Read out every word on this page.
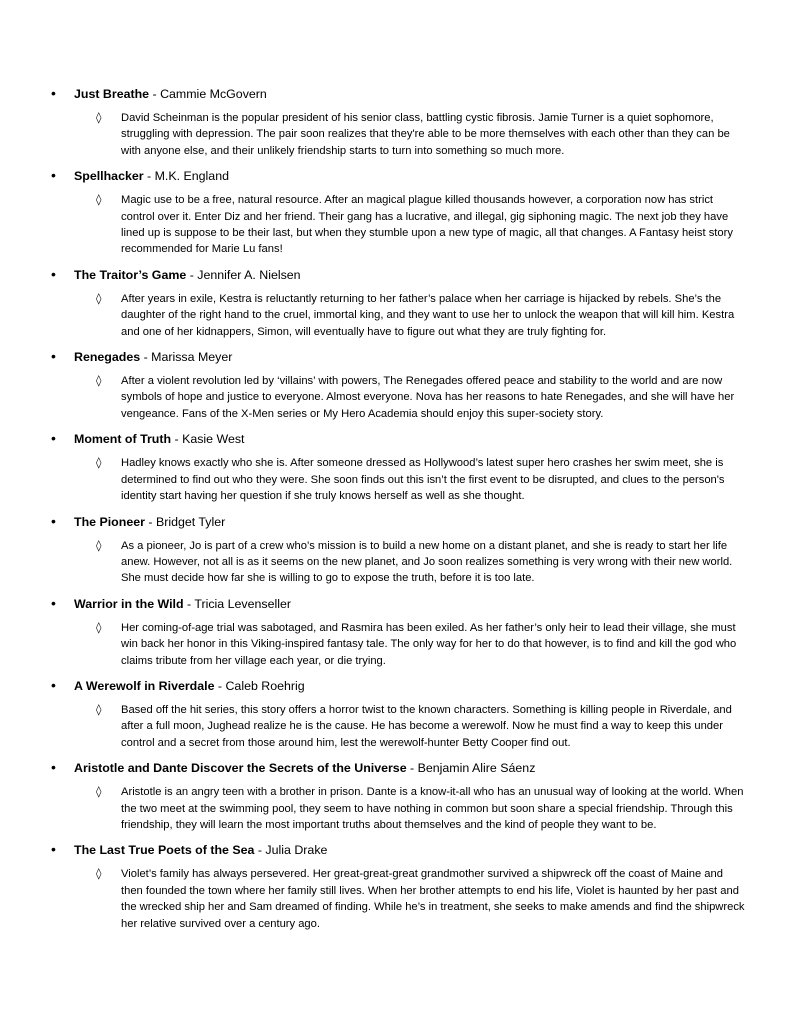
• Just Breathe - Cammie McGovern
◊ David Scheinman is the popular president of his senior class, battling cystic fibrosis. Jamie Turner is a quiet sophomore, struggling with depression. The pair soon realizes that they're able to be more themselves with each other than they can be with anyone else, and their unlikely friendship starts to turn into something so much more.
• Spellhacker - M.K. England
◊ Magic use to be a free, natural resource. After an magical plague killed thousands however, a corporation now has strict control over it. Enter Diz and her friend. Their gang has a lucrative, and illegal, gig siphoning magic. The next job they have lined up is suppose to be their last, but when they stumble upon a new type of magic, all that changes. A Fantasy heist story recommended for Marie Lu fans!
• The Traitor’s Game - Jennifer A. Nielsen
◊ After years in exile, Kestra is reluctantly returning to her father’s palace when her carriage is hijacked by rebels. She’s the daughter of the right hand to the cruel, immortal king, and they want to use her to unlock the weapon that will kill him. Kestra and one of her kidnappers, Simon, will eventually have to figure out what they are truly fighting for.
• Renegades - Marissa Meyer
◊ After a violent revolution led by ‘villains’ with powers, The Renegades offered peace and stability to the world and are now symbols of hope and justice to everyone. Almost everyone. Nova has her reasons to hate Renegades, and she will have her vengeance. Fans of the X-Men series or My Hero Academia should enjoy this super-society story.
• Moment of Truth - Kasie West
◊ Hadley knows exactly who she is. After someone dressed as Hollywood’s latest super hero crashes her swim meet, she is determined to find out who they were. She soon finds out this isn’t the first event to be disrupted, and clues to the person's identity start having her question if she truly knows herself as well as she thought.
• The Pioneer - Bridget Tyler
◊ As a pioneer, Jo is part of a crew who’s mission is to build a new home on a distant planet, and she is ready to start her life anew. However, not all is as it seems on the new planet, and Jo soon realizes something is very wrong with their new world. She must decide how far she is willing to go to expose the truth, before it is too late.
• Warrior in the Wild - Tricia Levenseller
◊ Her coming-of-age trial was sabotaged, and Rasmira has been exiled. As her father’s only heir to lead their village, she must win back her honor in this Viking-inspired fantasy tale. The only way for her to do that however, is to find and kill the god who claims tribute from her village each year, or die trying.
• A Werewolf in Riverdale - Caleb Roehrig
◊ Based off the hit series, this story offers a horror twist to the known characters. Something is killing people in Riverdale, and after a full moon, Jughead realize he is the cause. He has become a werewolf. Now he must find a way to keep this under control and a secret from those around him, lest the werewolf-hunter Betty Cooper find out.
• Aristotle and Dante Discover the Secrets of the Universe - Benjamin Alire Sáenz
◊ Aristotle is an angry teen with a brother in prison. Dante is a know-it-all who has an unusual way of looking at the world. When the two meet at the swimming pool, they seem to have nothing in common but soon share a special friendship. Through this friendship, they will learn the most important truths about themselves and the kind of people they want to be.
• The Last True Poets of the Sea - Julia Drake
◊ Violet’s family has always persevered. Her great-great-great grandmother survived a shipwreck off the coast of Maine and then founded the town where her family still lives. When her brother attempts to end his life, Violet is haunted by her past and the wrecked ship her and Sam dreamed of finding. While he’s in treatment, she seeks to make amends and find the shipwreck her relative survived over a century ago.
